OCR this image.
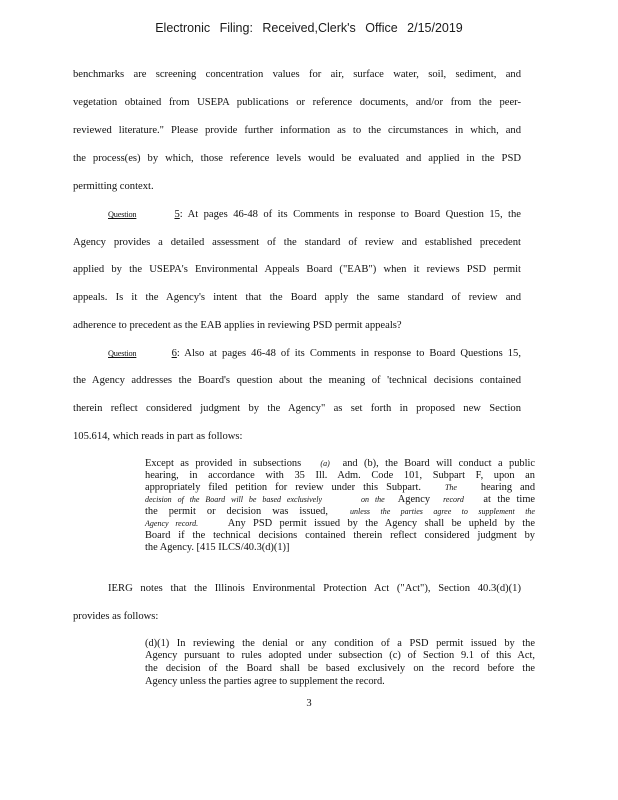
Electronic Filing: Received,Clerk's Office 2/15/2019
benchmarks are screening concentration values for air, surface water, soil, sediment, and
vegetation obtained from USEPA publications or reference documents, and/or from the peer-
reviewed literature." Please provide further information as to the circumstances in which, and
the process(es) by which, those reference levels would be evaluated and applied in the PSD
permitting context.
Question	5: At pages 46-48 of its Comments in response to Board Question 15, the
Agency provides a detailed assessment of the standard of review and established precedent
applied by the USEPA's Environmental Appeals Board ("EAB") when it reviews PSD permit
appeals. Is it the Agency's intent that the Board apply the same standard of review and
adherence to precedent as the EAB applies in reviewing PSD permit appeals?
Question	6: Also at pages 46-48 of its Comments in response to Board Questions 15,
the Agency addresses the Board's question about the meaning of 'technical decisions contained
therein reflect considered judgment by the Agency" as set forth in proposed new Section
105.614, which reads in part as follows:
Except as provided in subsections (a) and (b), the Board will conduct a public
hearing, in accordance with 35 Ill. Adm. Code 101, Subpart F, upon an
appropriately filed petition for review under this Subpart.	The hearing and
decision of the Board will be based exclusively	on the Agency record at the time
the permit or decision was issued,	unless the parties agree to supplement the
Agency record.	Any PSD permit issued by the Agency shall be upheld by the
Board if the technical decisions contained therein reflect considered judgment by
the Agency. [415 ILCS/40.3(d)(1)]
IERG notes that the Illinois Environmental Protection Act ("Act"), Section 40.3(d)(1)
provides as follows:
(d)(1) In reviewing the denial or any condition of a PSD permit issued by the
Agency pursuant to rules adopted under subsection (c) of Section 9.1 of this Act,
the decision of the Board shall be based exclusively on the record before the
Agency unless the parties agree to supplement the record.
3
